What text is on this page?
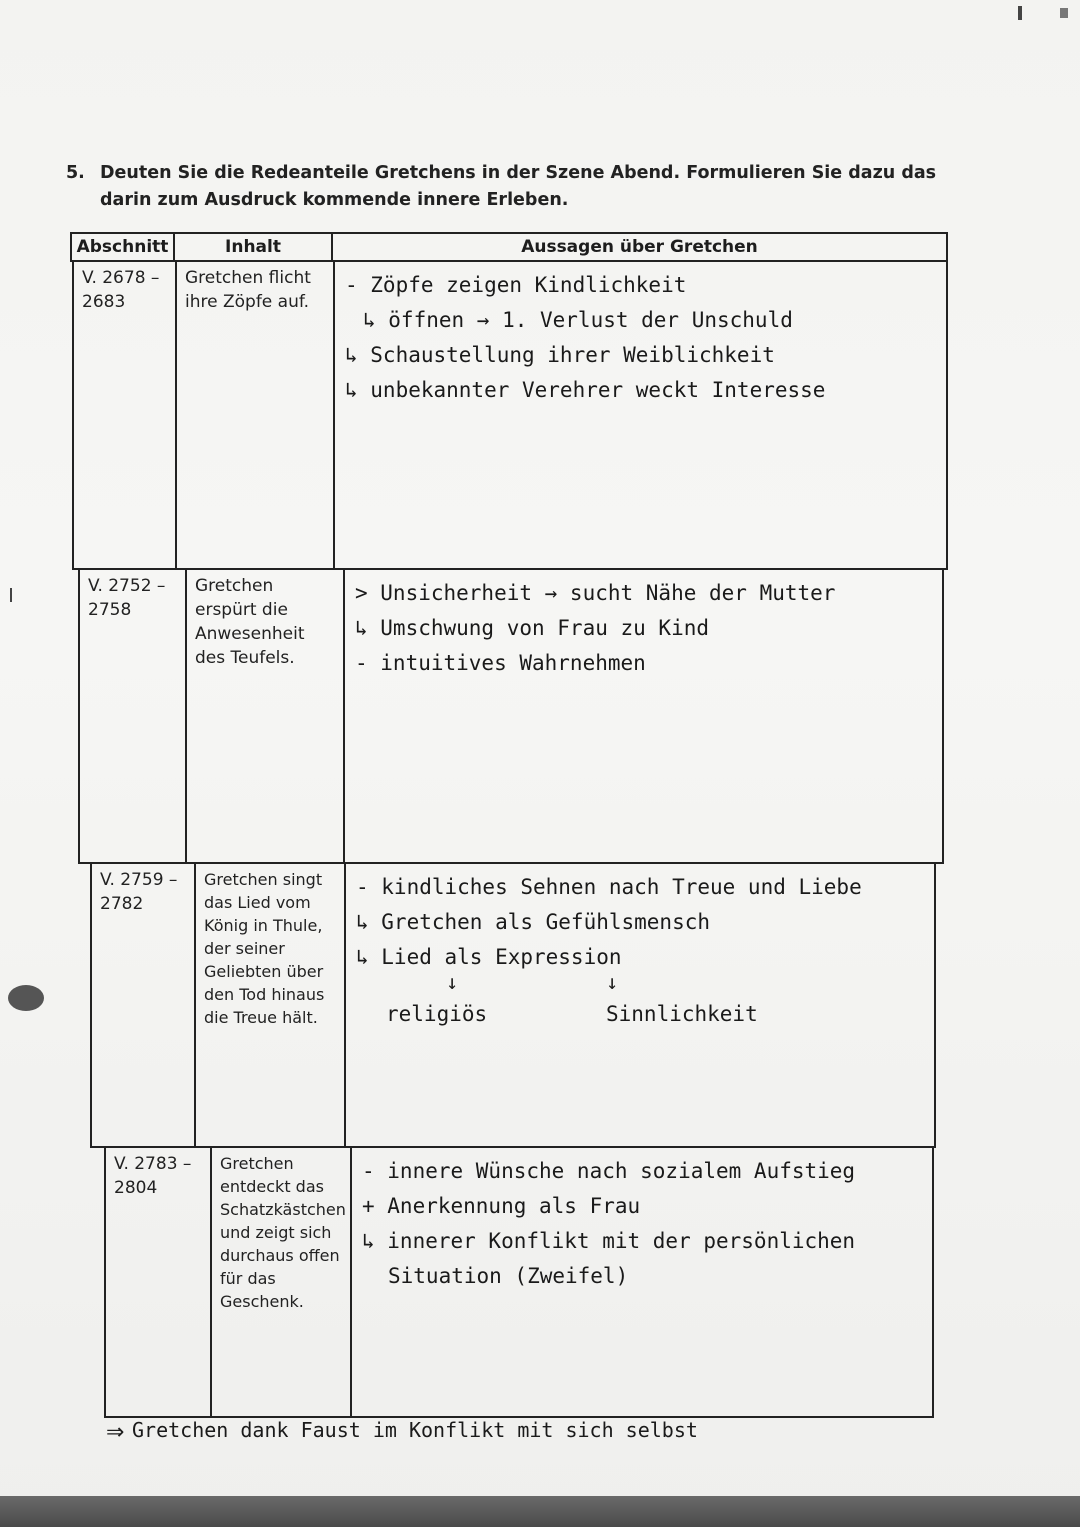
5. Deuten Sie die Redeanteile Gretchens in der Szene Abend. Formulieren Sie dazu das darin zum Ausdruck kommende innere Erleben.
Abschnitt	Inhalt	Aussagen über Gretchen
V. 2678 – 2683
Gretchen flicht ihre Zöpfe auf.
- Zöpfe zeigen Kindlichkeit
↳ öffnen → 1. Verlust der Unschuld
↳ Schaustellung ihrer Weiblichkeit
↳ unbekannter Verehrer weckt Interesse
V. 2752 – 2758
Gretchen erspürt die Anwesenheit des Teufels.
> Unsicherheit → sucht Nähe der Mutter
↳ Umschwung von Frau zu Kind
- intuitives Wahrnehmen
V. 2759 – 2782
Gretchen singt das Lied vom König in Thule, der seiner Geliebten über den Tod hinaus die Treue hält.
- kindliches Sehnen nach Treue und Liebe
↳ Gretchen als Gefühlsmensch
↳ Lied als Expression
↓	↓
religiös	Sinnlichkeit
V. 2783 – 2804
Gretchen entdeckt das Schatzkästchen und zeigt sich durchaus offen für das Geschenk.
- innere Wünsche nach sozialem Aufstieg
+ Anerkennung als Frau
↳ innerer Konflikt mit der persönlichen
Situation (Zweifel)
⇒ Gretchen dank Faust im Konflikt mit sich selbst
